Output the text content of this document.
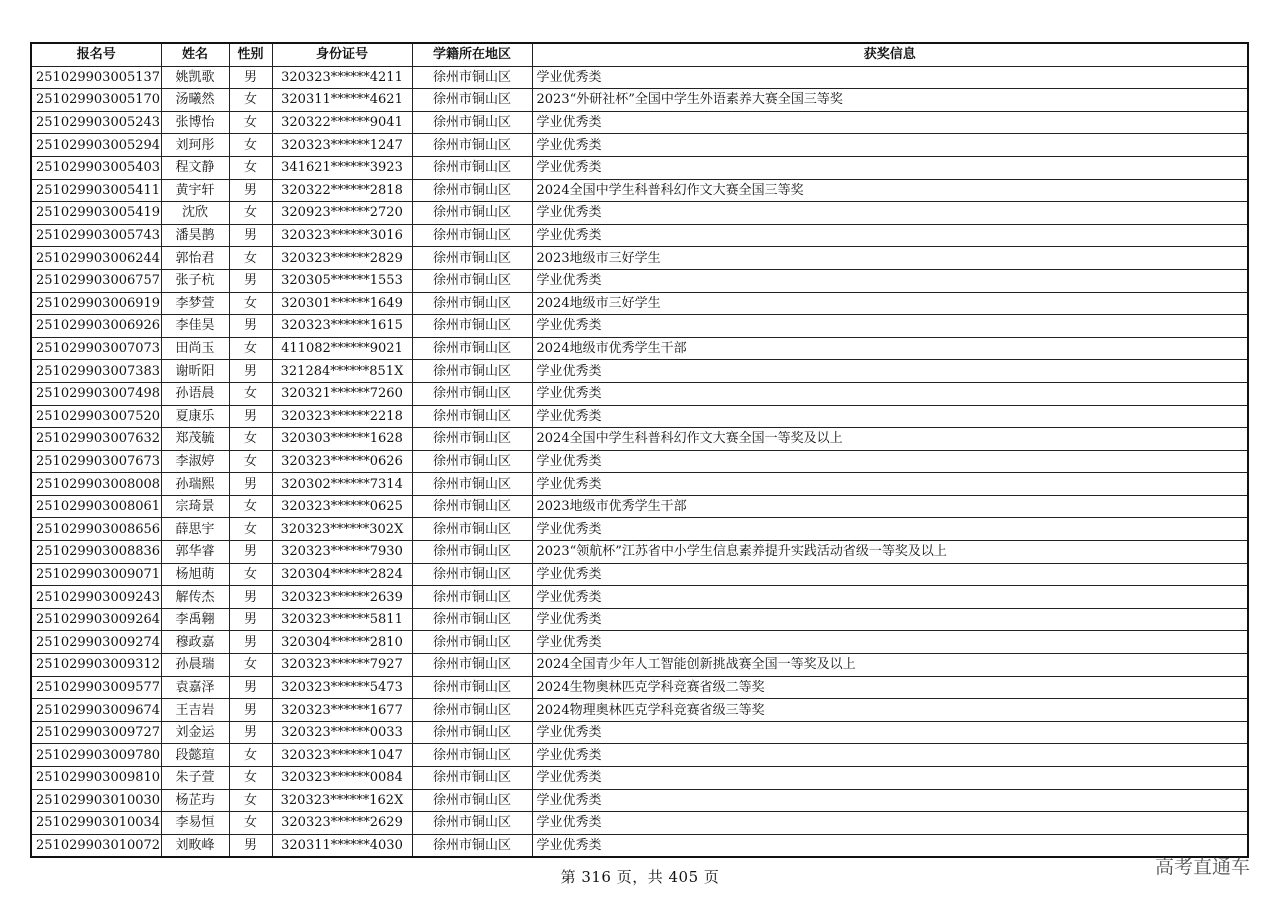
报名号	姓名	性别	身份证号	学籍所在地区	获奖信息
251029903005137	姚凯歌	男	320323******4211	徐州市铜山区	学业优秀类
251029903005170	汤曦然	女	320311******4621	徐州市铜山区	2023“外研社杯”全国中学生外语素养大赛全国三等奖
251029903005243	张博怡	女	320322******9041	徐州市铜山区	学业优秀类
251029903005294	刘珂彤	女	320323******1247	徐州市铜山区	学业优秀类
251029903005403	程文静	女	341621******3923	徐州市铜山区	学业优秀类
251029903005411	黄宇轩	男	320322******2818	徐州市铜山区	2024全国中学生科普科幻作文大赛全国三等奖
251029903005419	沈欣	女	320923******2720	徐州市铜山区	学业优秀类
251029903005743	潘昊鹊	男	320323******3016	徐州市铜山区	学业优秀类
251029903006244	郭怡君	女	320323******2829	徐州市铜山区	2023地级市三好学生
251029903006757	张子杭	男	320305******1553	徐州市铜山区	学业优秀类
251029903006919	李梦萱	女	320301******1649	徐州市铜山区	2024地级市三好学生
251029903006926	李佳昊	男	320323******1615	徐州市铜山区	学业优秀类
251029903007073	田尚玉	女	411082******9021	徐州市铜山区	2024地级市优秀学生干部
251029903007383	谢昕阳	男	321284******851X	徐州市铜山区	学业优秀类
251029903007498	孙语晨	女	320321******7260	徐州市铜山区	学业优秀类
251029903007520	夏康乐	男	320323******2218	徐州市铜山区	学业优秀类
251029903007632	郑茂毓	女	320303******1628	徐州市铜山区	2024全国中学生科普科幻作文大赛全国一等奖及以上
251029903007673	李淑婷	女	320323******0626	徐州市铜山区	学业优秀类
251029903008008	孙瑞熙	男	320302******7314	徐州市铜山区	学业优秀类
251029903008061	宗琦景	女	320323******0625	徐州市铜山区	2023地级市优秀学生干部
251029903008656	薛思宇	女	320323******302X	徐州市铜山区	学业优秀类
251029903008836	郭华睿	男	320323******7930	徐州市铜山区	2023“领航杯”江苏省中小学生信息素养提升实践活动省级一等奖及以上
251029903009071	杨旭萌	女	320304******2824	徐州市铜山区	学业优秀类
251029903009243	解传杰	男	320323******2639	徐州市铜山区	学业优秀类
251029903009264	李禹翱	男	320323******5811	徐州市铜山区	学业优秀类
251029903009274	穆政嘉	男	320304******2810	徐州市铜山区	学业优秀类
251029903009312	孙晨瑞	女	320323******7927	徐州市铜山区	2024全国青少年人工智能创新挑战赛全国一等奖及以上
251029903009577	袁嘉泽	男	320323******5473	徐州市铜山区	2024生物奥林匹克学科竞赛省级二等奖
251029903009674	王吉岩	男	320323******1677	徐州市铜山区	2024物理奥林匹克学科竞赛省级三等奖
251029903009727	刘金运	男	320323******0033	徐州市铜山区	学业优秀类
251029903009780	段懿瑄	女	320323******1047	徐州市铜山区	学业优秀类
251029903009810	朱子萱	女	320323******0084	徐州市铜山区	学业优秀类
251029903010030	杨芷玙	女	320323******162X	徐州市铜山区	学业优秀类
251029903010034	李易恒	女	320323******2629	徐州市铜山区	学业优秀类
251029903010072	刘畋峰	男	320311******4030	徐州市铜山区	学业优秀类
第 316 页，共 405 页	高考直通车
